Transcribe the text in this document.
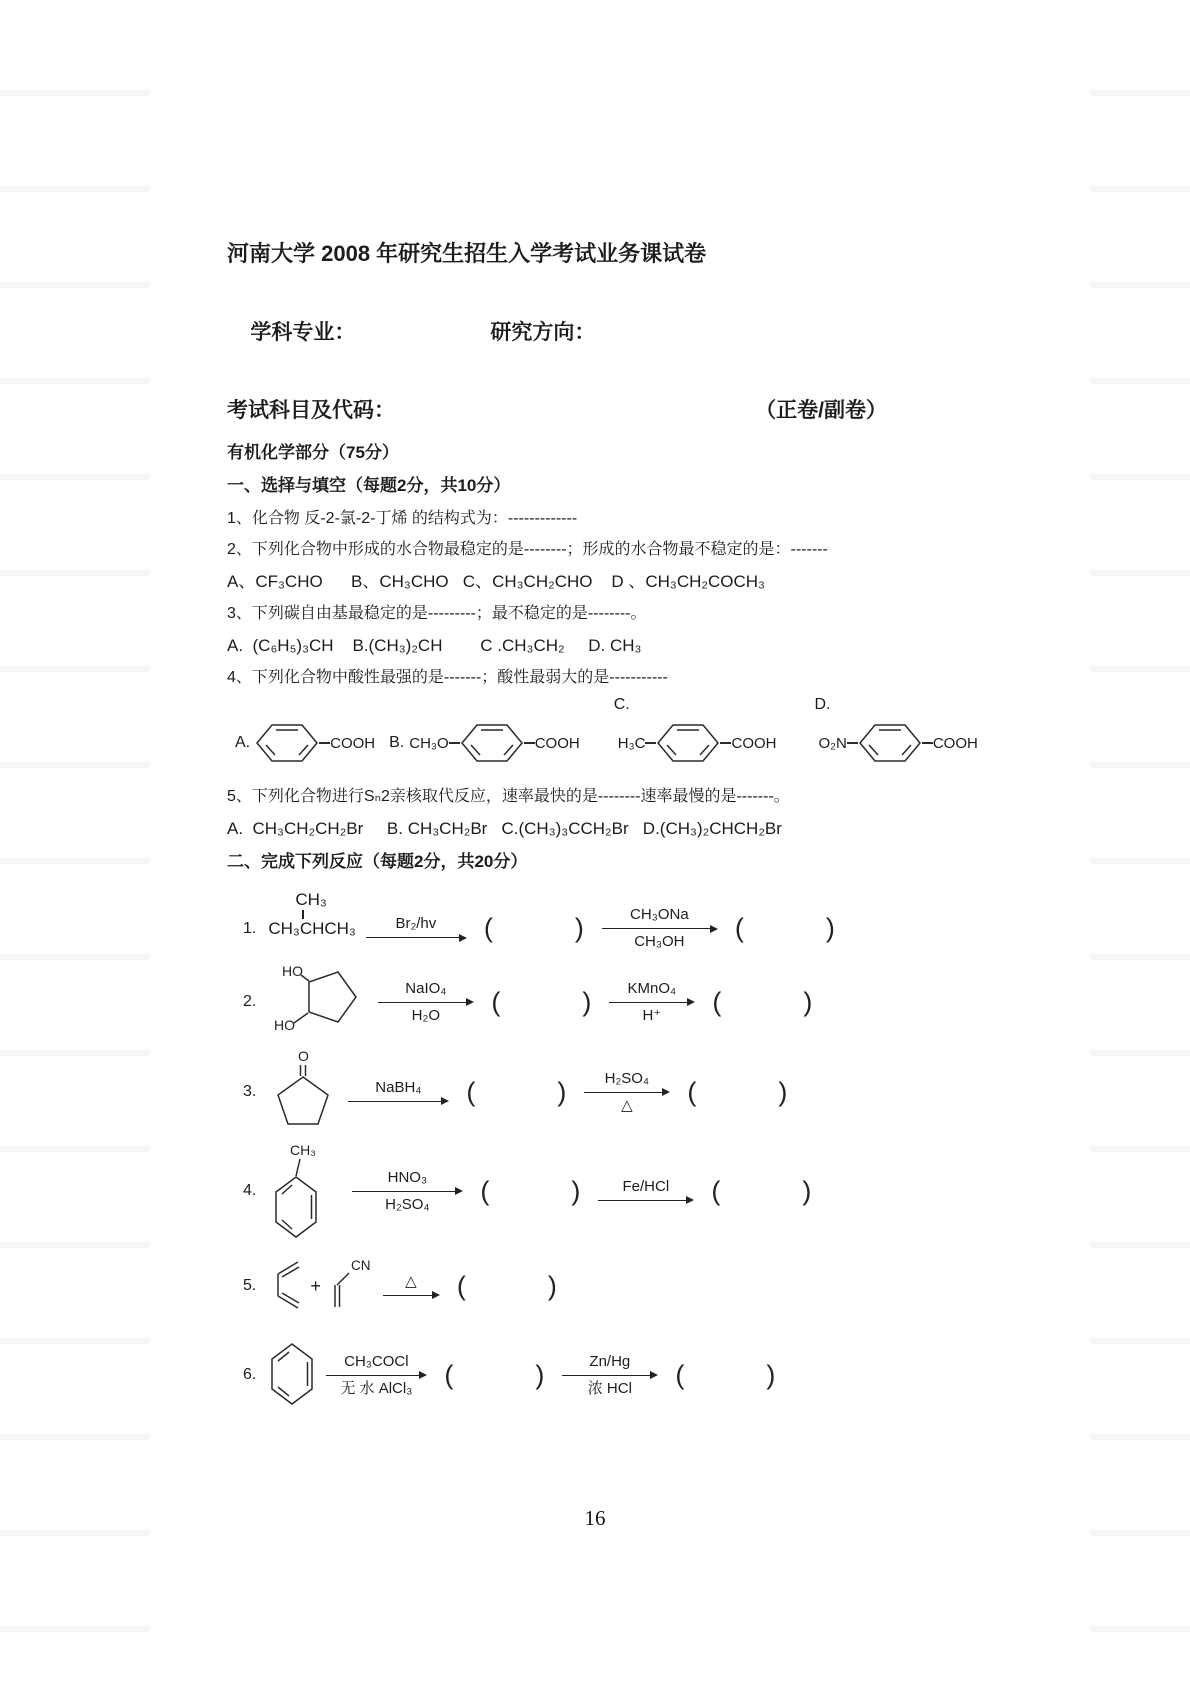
河南大学 2008 年研究生招生入学考试业务课试卷

学科专业：	研究方向：

考试科目及代码：	（正卷/副卷）
有机化学部分（75分）
一、选择与填空（每题2分，共10分）
1、化合物 反-2-氯-2-丁烯 的结构式为：-------------
2、下列化合物中形成的水合物最稳定的是--------；形成的水合物最不稳定的是：-------
A、CF₃CHO      B、CH₃CHO   C、CH₃CH₂CHO    D 、CH₃CH₂COCH₃
3、下列碳自由基最稳定的是---------；最不稳定的是--------。
A.  (C₆H₅)₃CH    B.(CH₃)₂CH        C .CH₃CH₂     D. CH₃
4、下列化合物中酸性最强的是-------；酸性最弱大的是-----------
A.	COOH B. CH₃O	COOH
C.
H₃C	COOH
D.
O₂N	COOH
5、下列化合物进行Sₙ2亲核取代反应，速率最快的是--------速率最慢的是-------。
A.  CH₃CH₂CH₂Br     B. CH₃CH₂Br   C.(CH₃)₃CCH₂Br   D.(CH₃)₂CHCH₂Br
二、完成下列反应（每题2分，共20分）
1.
CH₃
CH₃CHCH₃	Br₂/hv (	)	CH₃ONa
CH₃OH (	)
2.
HO
HO
NaIO₄
H₂O (	) KMnO₄
H⁺ (	)
3.
O
NaBH₄ (	)	H₂SO₄
△ (	)
4.
CH₃
HNO₃
H₂SO₄ (	)	Fe/HCl (	)
5.	+
CN
△ (	)
6.
CH₃COCl
无 水 AlCl₃ (	)	Zn/Hg
浓 HCl (	)
16
